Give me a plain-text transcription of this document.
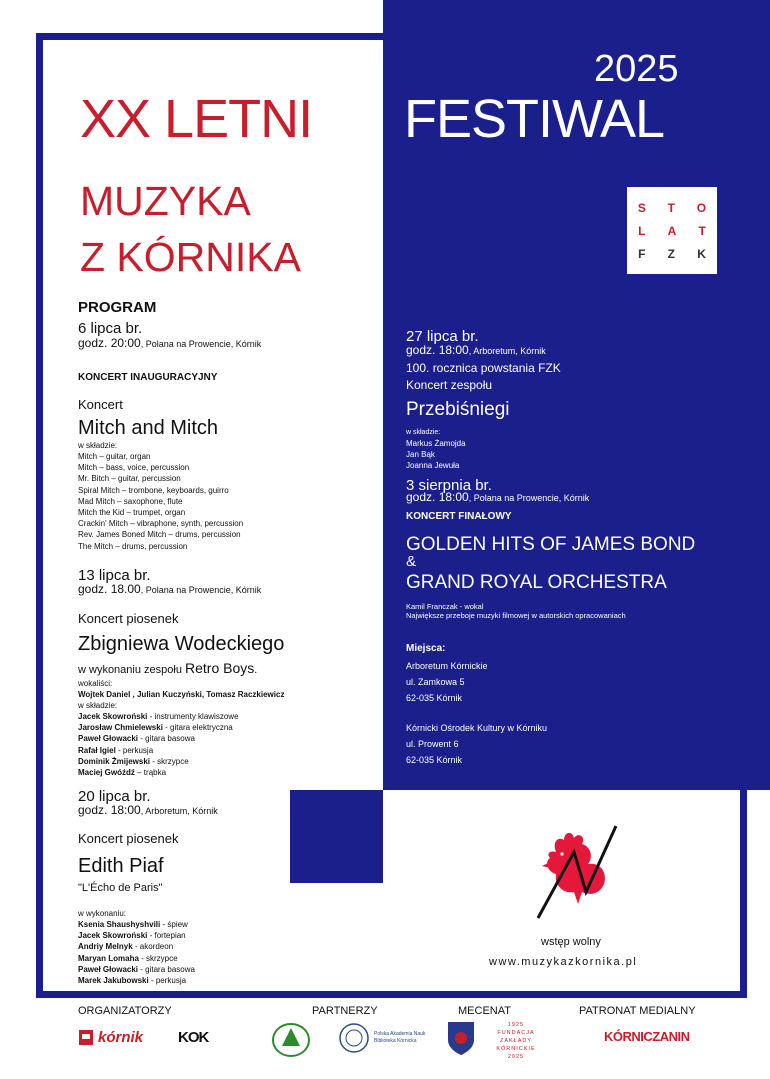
2025
XX LETNI FESTIWAL
MUZYKA
Z KÓRNIKA
S T O
L A T
F Z K
PROGRAM
6 lipca br.
godz. 20:00, Polana na Prowencie, Kórnik
KONCERT INAUGURACYJNY
Koncert
Mitch and Mitch
w składzie:
Mitch – guitar, organ
Mitch – bass, voice, percussion
Mr. Bitch – guitar, percussion
Spiral Mitch – trombone, keyboards, guirro
Mad Mitch – saxophone, flute
Mitch the Kid – trumpet, organ
Crackin' Mitch – vibraphone, synth, percussion
Rev. James Boned Mitch – drums, percussion
The Mitch – drums, percussion
13 lipca br.
godz. 18.00, Polana na Prowencie, Kórnik
Koncert piosenek
Zbigniewa Wodeckiego
w wykonaniu zespołu Retro Boys.
wokaliści:
Wojtek Daniel , Julian Kuczyński, Tomasz Raczkiewicz
w składzie:
Jacek Skowroński - instrumenty klawiszowe
Jarosław Chmielewski - gitara elektryczna
Paweł Głowacki - gitara basowa
Rafał Igiel - perkusja
Dominik Żmijewski - skrzypce
Maciej Gwóźdź – trąbka
20 lipca br.
godz. 18:00, Arboretum, Kórnik
Koncert piosenek
Edith Piaf
"L'Écho de Paris"
w wykonaniu:
Ksenia Shaushyshvili - śpiew
Jacek Skowroński - fortepian
Andriy Melnyk - akordeon
Maryan Lomaha - skrzypce
Paweł Głowacki - gitara basowa
Marek Jakubowski - perkusja
27 lipca br.
godz. 18:00, Arboretum, Kórnik
100. rocznica powstania FZK
Koncert zespołu
Przebiśniegi
w składzie:
Markus Żamojda
Jan Bąk
Joanna Jewuła
3 sierpnia br.
godz. 18:00, Polana na Prowencie, Kórnik
KONCERT FINAŁOWY
GOLDEN HITS OF JAMES BOND
&
GRAND ROYAL ORCHESTRA
Kamil Franczak - wokal
Największe przeboje muzyki filmowej w autorskich opracowaniach
Miejsca:
Arboretum Kórnickie
ul. Zamkowa 5
62-035 Kórnik
Kórnicki Ośrodek Kultury w Kórniku
ul. Prowent 6
62-035 Kórnik
wstęp wolny
www.muzykazkornika.pl
ORGANIZATORZY	PARTNERZY	MECENAT	PATRONAT MEDIALNY
kórnik KOK	Polska Akademia Nauk Biblioteka Kórnicka
1925 FUNDACJA ZAKŁADY KÓRNICKIE 2025
KÓRNICZANIN
